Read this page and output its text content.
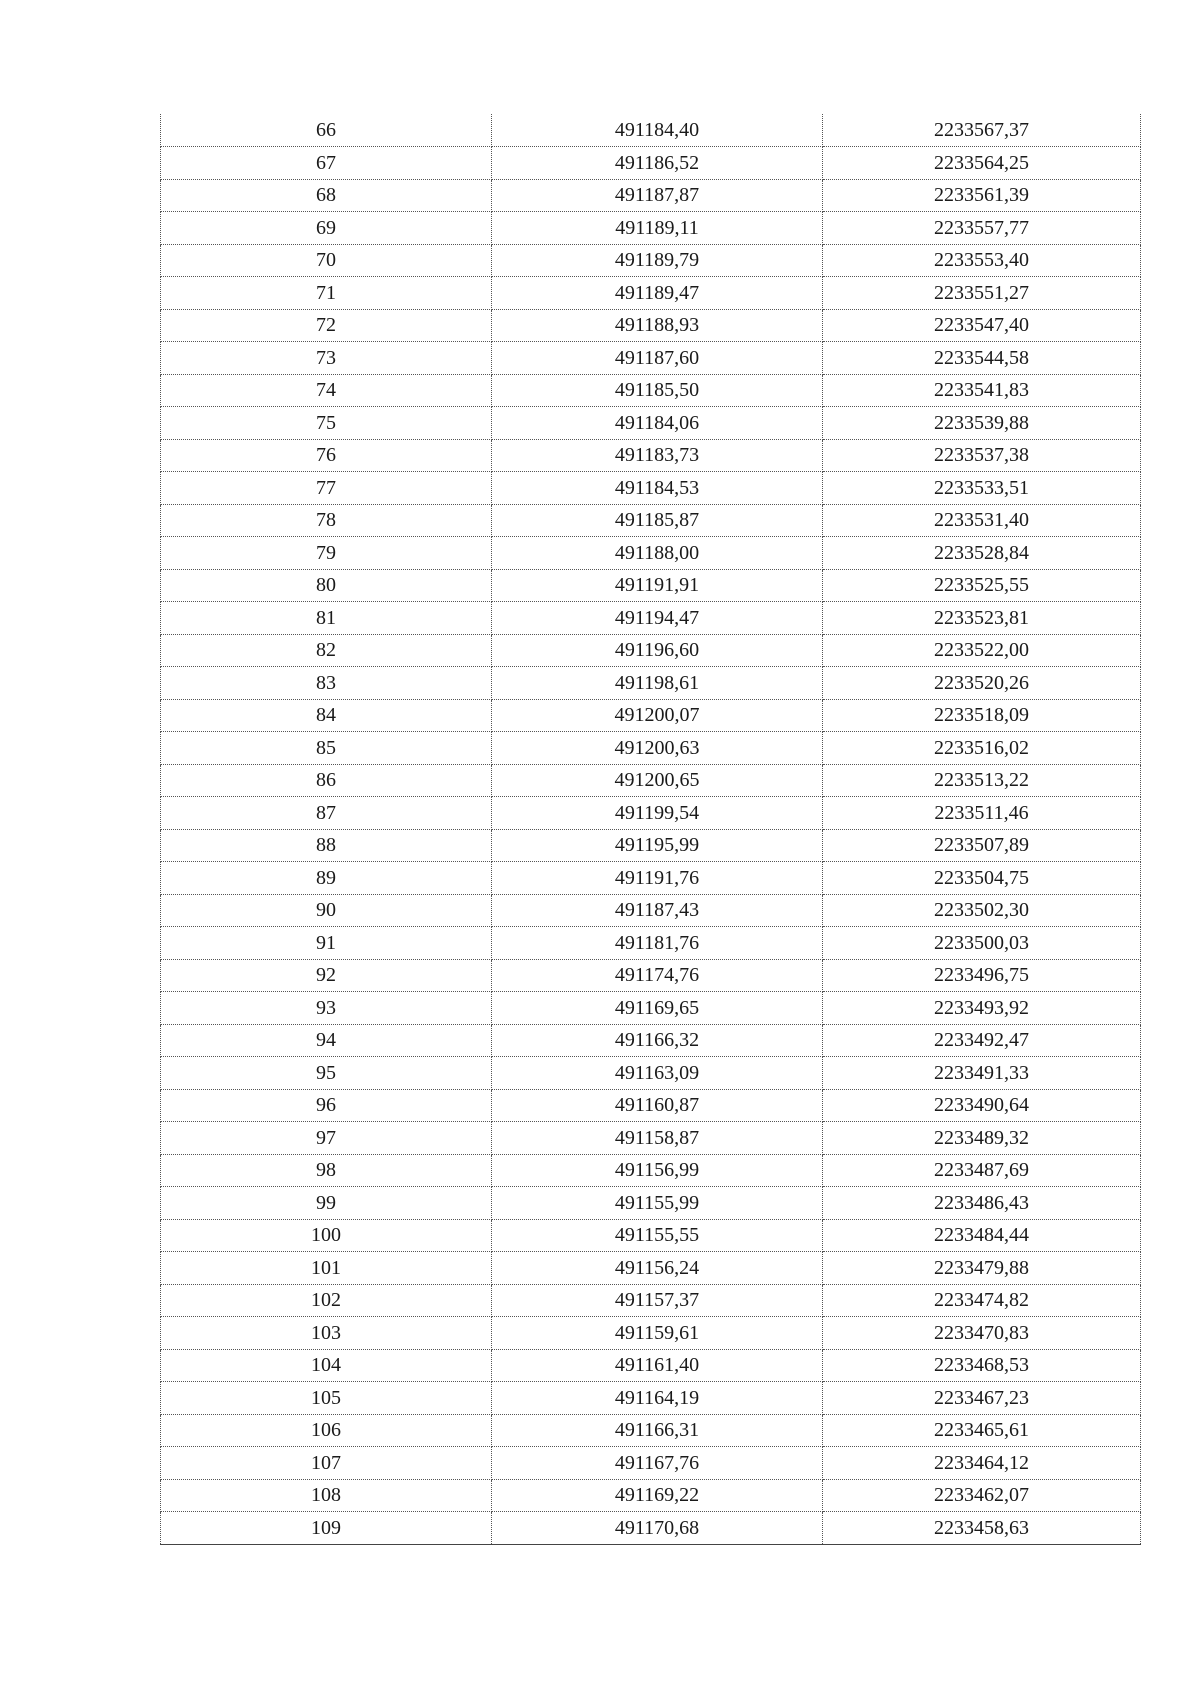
66	491184,40	2233567,37
67	491186,52	2233564,25
68	491187,87	2233561,39
69	491189,11	2233557,77
70	491189,79	2233553,40
71	491189,47	2233551,27
72	491188,93	2233547,40
73	491187,60	2233544,58
74	491185,50	2233541,83
75	491184,06	2233539,88
76	491183,73	2233537,38
77	491184,53	2233533,51
78	491185,87	2233531,40
79	491188,00	2233528,84
80	491191,91	2233525,55
81	491194,47	2233523,81
82	491196,60	2233522,00
83	491198,61	2233520,26
84	491200,07	2233518,09
85	491200,63	2233516,02
86	491200,65	2233513,22
87	491199,54	2233511,46
88	491195,99	2233507,89
89	491191,76	2233504,75
90	491187,43	2233502,30
91	491181,76	2233500,03
92	491174,76	2233496,75
93	491169,65	2233493,92
94	491166,32	2233492,47
95	491163,09	2233491,33
96	491160,87	2233490,64
97	491158,87	2233489,32
98	491156,99	2233487,69
99	491155,99	2233486,43
100	491155,55	2233484,44
101	491156,24	2233479,88
102	491157,37	2233474,82
103	491159,61	2233470,83
104	491161,40	2233468,53
105	491164,19	2233467,23
106	491166,31	2233465,61
107	491167,76	2233464,12
108	491169,22	2233462,07
109	491170,68	2233458,63
